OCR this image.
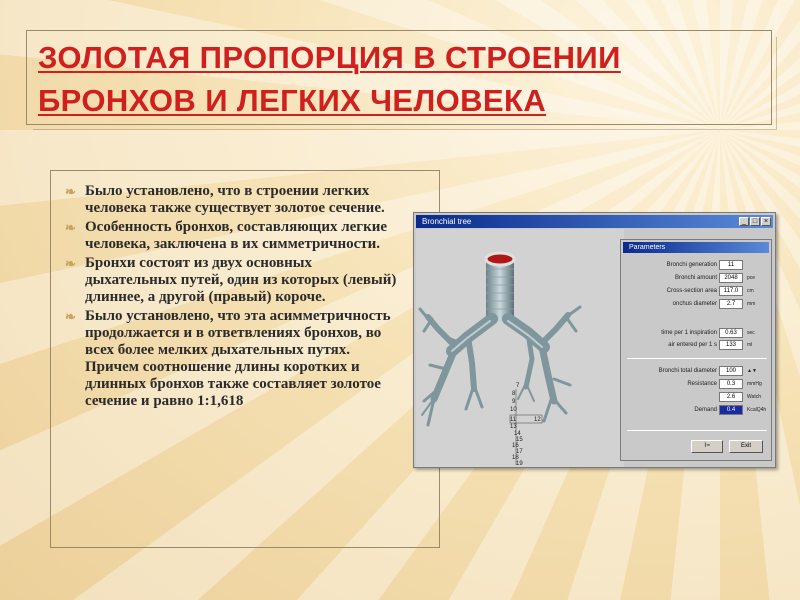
ЗОЛОТАЯ ПРОПОРЦИЯ В СТРОЕНИИ БРОНХОВ И ЛЕГКИХ ЧЕЛОВЕКА
❧ Было установлено, что в строении легких человека также существует золотое сечение.
❧ Особенность бронхов, составляющих легкие человека, заключена в их симметричности.
❧ Бронхи состоят из двух основных дыхательных путей, один из которых (левый) длиннее, а другой (правый) короче.
❧ Было установлено, что эта асимметричность продолжается и в ответвлениях бронхов, во всех более мелких дыхательных путях. Причем соотношение длины коротких и длинных бронхов также составляет золотое сечение и равно 1:1,618
Bronchial tree	_ □ ×
7
8
9
10
11	12
13
14
15
16
17
18
19
Parameters
Bronchi generation	11
Bronchi amount	2048	pce
Cross-section area	117.0	cm
onchus diameter	2.7	mm
time per 1 inspiration	0.63	sec
air entered per 1 s	133	ml
Bronchi total diameter	100	▲▼
Resistance	0.3	mmHg
2.6	Watch
Demand	0.4	KcalQ4h
⌇≈	Exit
